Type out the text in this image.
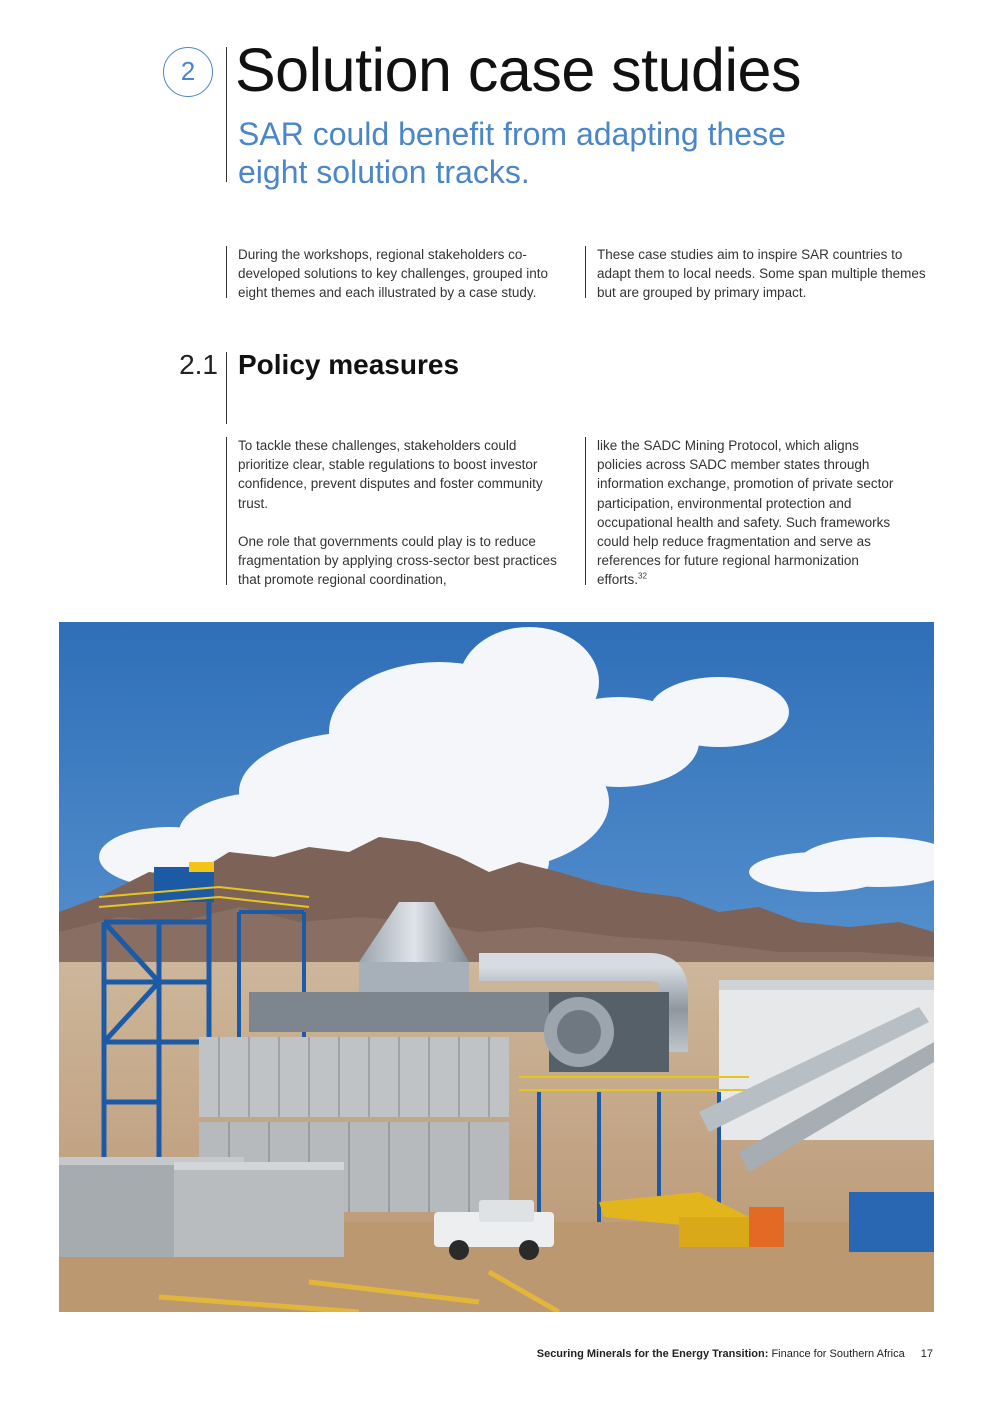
2 Solution case studies
SAR could benefit from adapting these eight solution tracks.

During the workshops, regional stakeholders co-developed solutions to key challenges, grouped into eight themes and each illustrated by a case study.

These case studies aim to inspire SAR countries to adapt them to local needs. Some span multiple themes but are grouped by primary impact.

2.1 Policy measures

To tackle these challenges, stakeholders could prioritize clear, stable regulations to boost investor confidence, prevent disputes and foster community trust.

One role that governments could play is to reduce fragmentation by applying cross-sector best practices that promote regional coordination,

like the SADC Mining Protocol, which aligns policies across SADC member states through information exchange, promotion of private sector participation, environmental protection and occupational health and safety. Such frameworks could help reduce fragmentation and serve as references for future regional harmonization efforts.$^{32}$

Securing Minerals for the Energy Transition: Finance for Southern Africa 17
